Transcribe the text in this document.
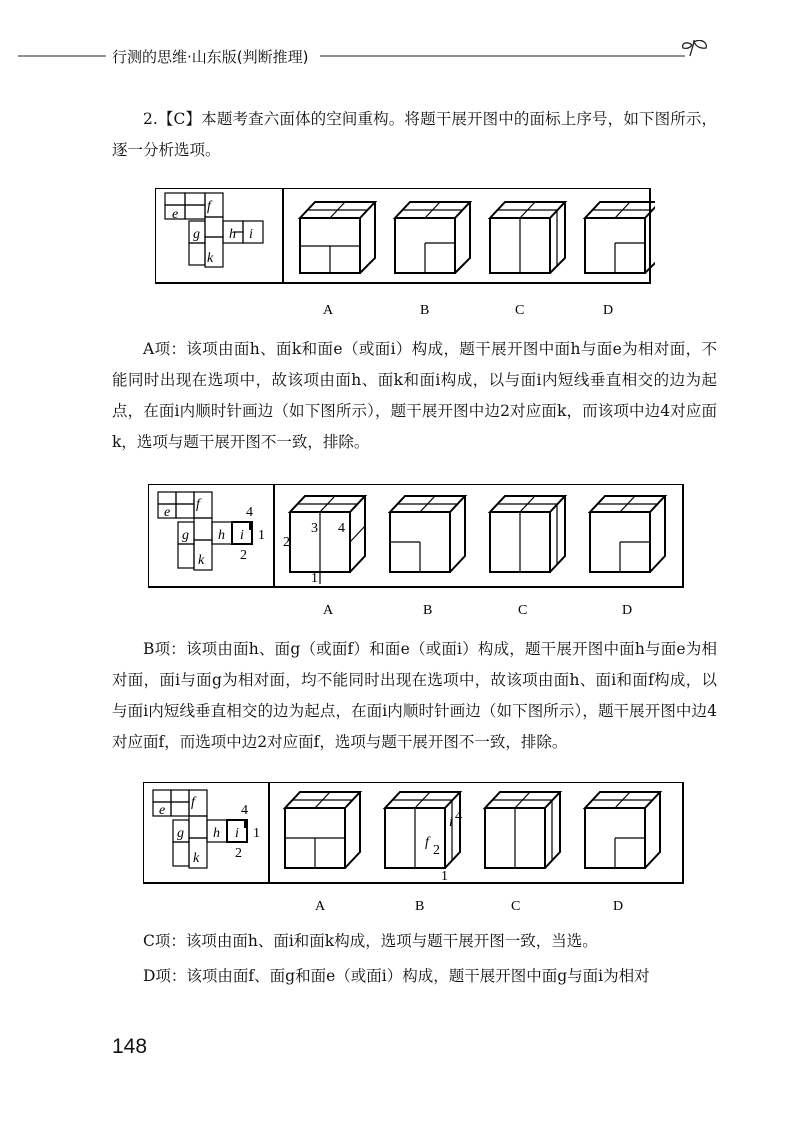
行测的思维·山东版(判断推理)

2.【C】本题考查六面体的空间重构。将题干展开图中的面标上序号，如下图所示，逐一分析选项。

e
f
g h i
k
A	B	C	D

A项：该项由面h、面k和面e（或面i）构成，题干展开图中面h与面e为相对面，不能同时出现在选项中，故该项由面h、面k和面i构成，以与面i内短线垂直相交的边为起点，在面i内顺时针画边（如下图所示），题干展开图中边2对应面k，而该项中边4对应面k，选项与题干展开图不一致，排除。

e
f
g h i
k
4
1
2
3
2
4
1
A	B	C	D

B项：该项由面h、面g（或面f）和面e（或面i）构成，题干展开图中面h与面e为相对面，面i与面g为相对面，均不能同时出现在选项中，故该项由面h、面i和面f构成，以与面i内短线垂直相交的边为起点，在面i内顺时针画边（如下图所示），题干展开图中边4对应面f，而选项中边2对应面f，选项与题干展开图不一致，排除。

e
f
g h i
k
4
1
2
f
2
i 4
1
A	B	C	D

C项：该项由面h、面i和面k构成，选项与题干展开图一致，当选。

D项：该项由面f、面g和面e（或面i）构成，题干展开图中面g与面i为相对

148
